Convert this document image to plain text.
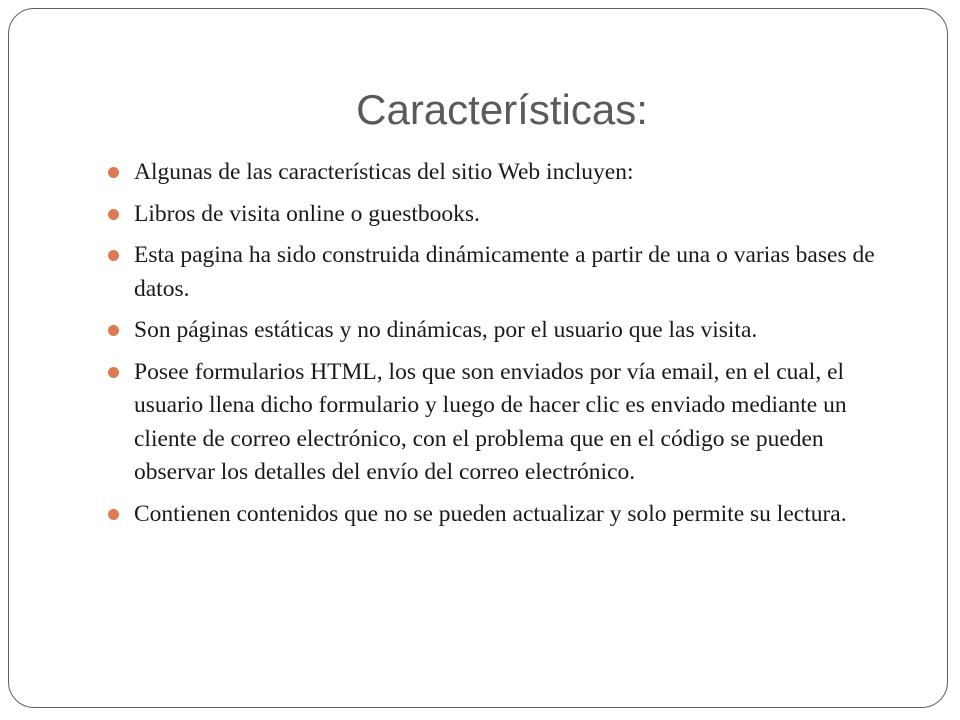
Características:
Algunas de las características del sitio Web incluyen:
Libros de visita online o guestbooks.
Esta pagina ha sido construida dinámicamente a partir de una o varias bases de datos.
Son páginas estáticas y no dinámicas, por el usuario que las visita.
Posee formularios HTML, los que son enviados por vía email, en el cual, el usuario llena dicho formulario y luego de hacer clic es enviado mediante un cliente de correo electrónico, con el problema que en el código se pueden observar los detalles del envío del correo electrónico.
Contienen contenidos que no se pueden actualizar y solo permite su lectura.
